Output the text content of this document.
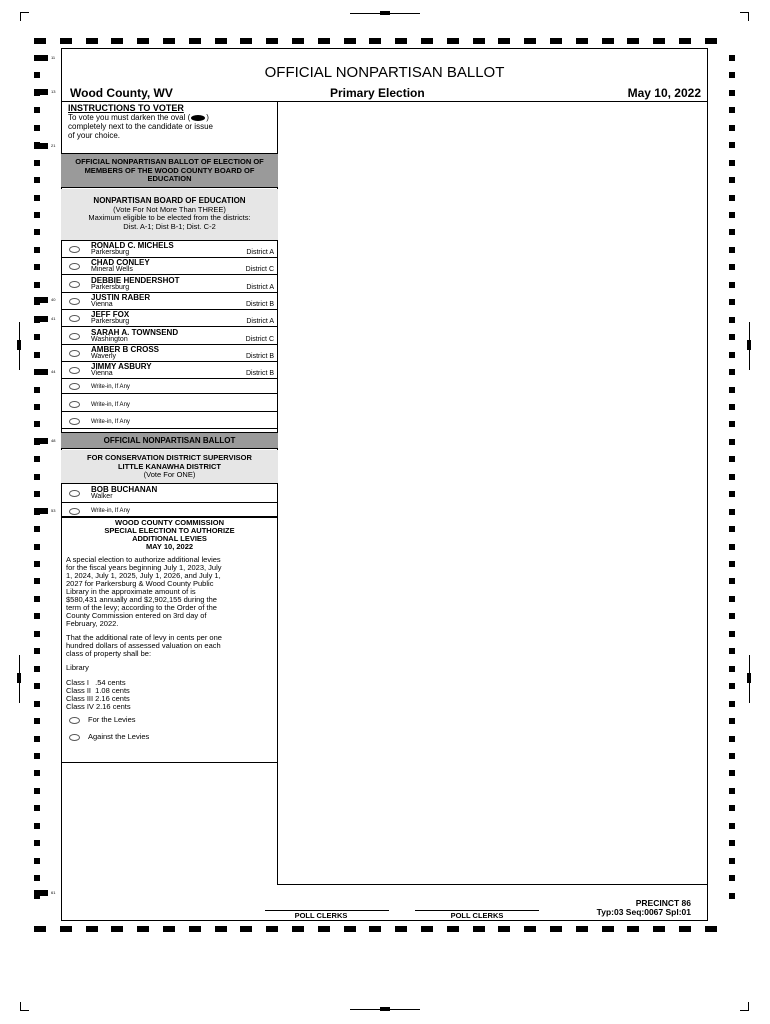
OFFICIAL NONPARTISAN BALLOT
Wood County, WV	Primary Election	May 10, 2022
INSTRUCTIONS TO VOTER
To vote you must darken the oval ( )
completely next to the candidate or issue
of your choice.
OFFICIAL NONPARTISAN BALLOT OF ELECTION OF MEMBERS OF THE WOOD COUNTY BOARD OF EDUCATION
NONPARTISAN BOARD OF EDUCATION
(Vote For Not More Than THREE)
Maximum eligible to be elected from the districts:
Dist. A-1; Dist B-1; Dist. C-2
RONALD C. MICHELS
Parkersburg	District A
CHAD CONLEY
Mineral Wells	District C
DEBBIE HENDERSHOT
Parkersburg	District A
JUSTIN RABER
Vienna	District B
JEFF FOX
Parkersburg	District A
SARAH A. TOWNSEND
Washington	District C
AMBER B CROSS
Waverly	District B
JIMMY ASBURY
Vienna	District B
Write-in, If Any
Write-in, If Any
Write-in, If Any
OFFICIAL NONPARTISAN BALLOT
FOR CONSERVATION DISTRICT SUPERVISOR
LITTLE KANAWHA DISTRICT
(Vote For ONE)
BOB BUCHANAN
Walker
Write-in, If Any
WOOD COUNTY COMMISSION
SPECIAL ELECTION TO AUTHORIZE
ADDITIONAL LEVIES
MAY 10, 2022
A special election to authorize additional levies
for the fiscal years beginning July 1, 2023, July
1, 2024, July 1, 2025, July 1, 2026, and July 1,
2027 for Parkersburg & Wood County Public
Library in the approximate amount of is
$580,431 annually and $2,902,155 during the
term of the levy; according to the Order of the
County Commission entered on 3rd day of
February, 2022.
That the additional rate of levy in cents per one
hundred dollars of assessed valuation on each
class of property shall be:
Library
Class I   .54 cents
Class II  1.08 cents
Class III 2.16 cents
Class IV 2.16 cents
For the Levies
Against the Levies
POLL CLERKS	POLL CLERKS
PRECINCT 86
Typ:03 Seq:0067 Spl:01
11
13
21
40
41
44
48
53
61
